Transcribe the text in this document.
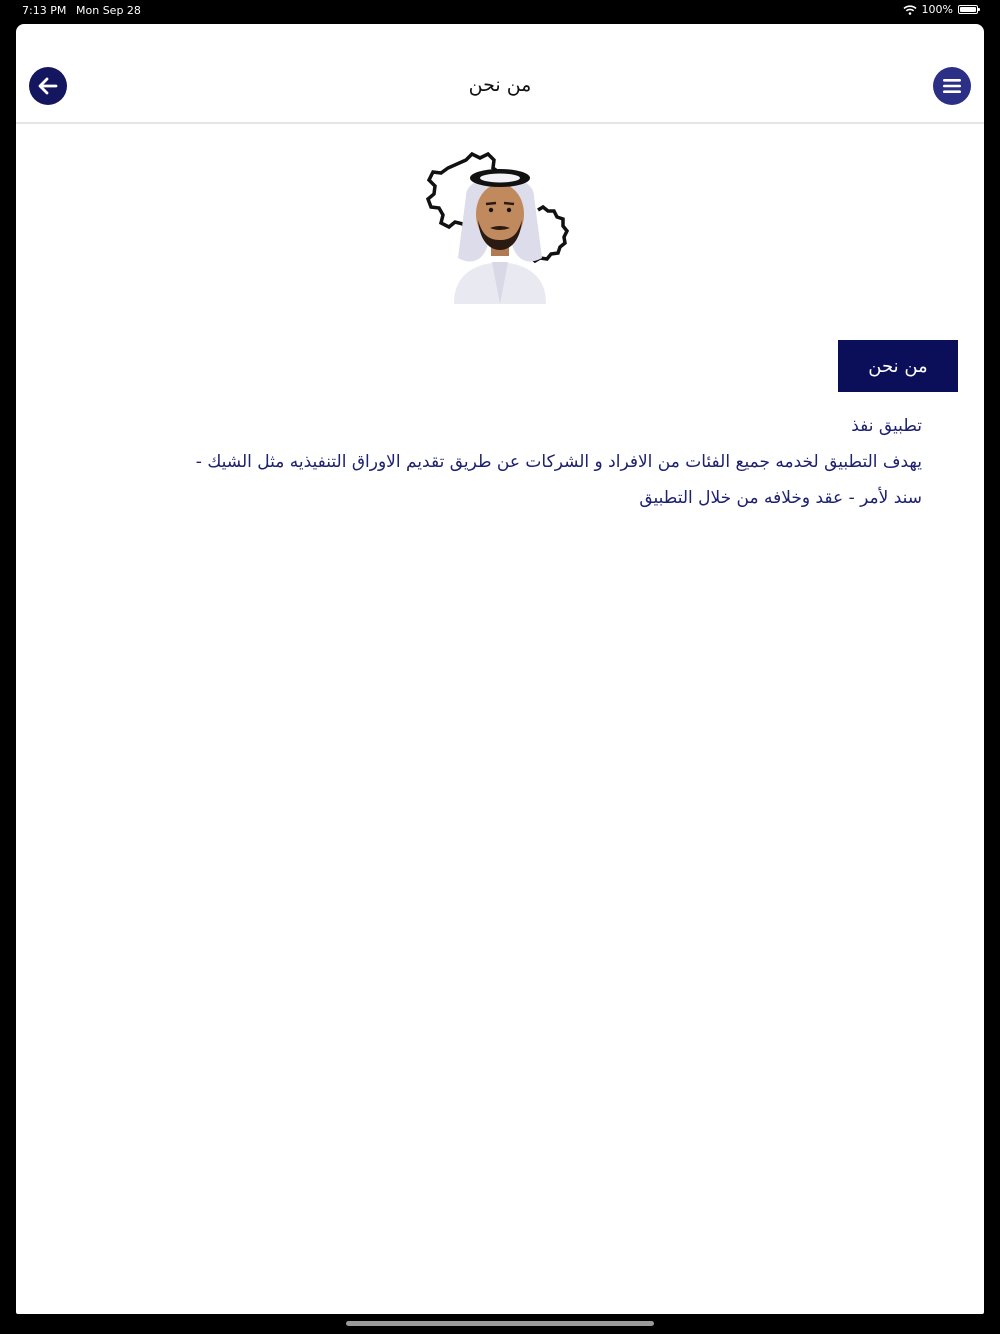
7:13 PM Mon Sep 28	100%
من نحن
من نحن

تطبيق نفذ

يهدف التطبيق لخدمه جميع الفئات من الافراد و الشركات عن طريق تقديم الاوراق التنفيذيه مثل الشيك -

سند لأمر - عقد وخلافه من خلال التطبيق
